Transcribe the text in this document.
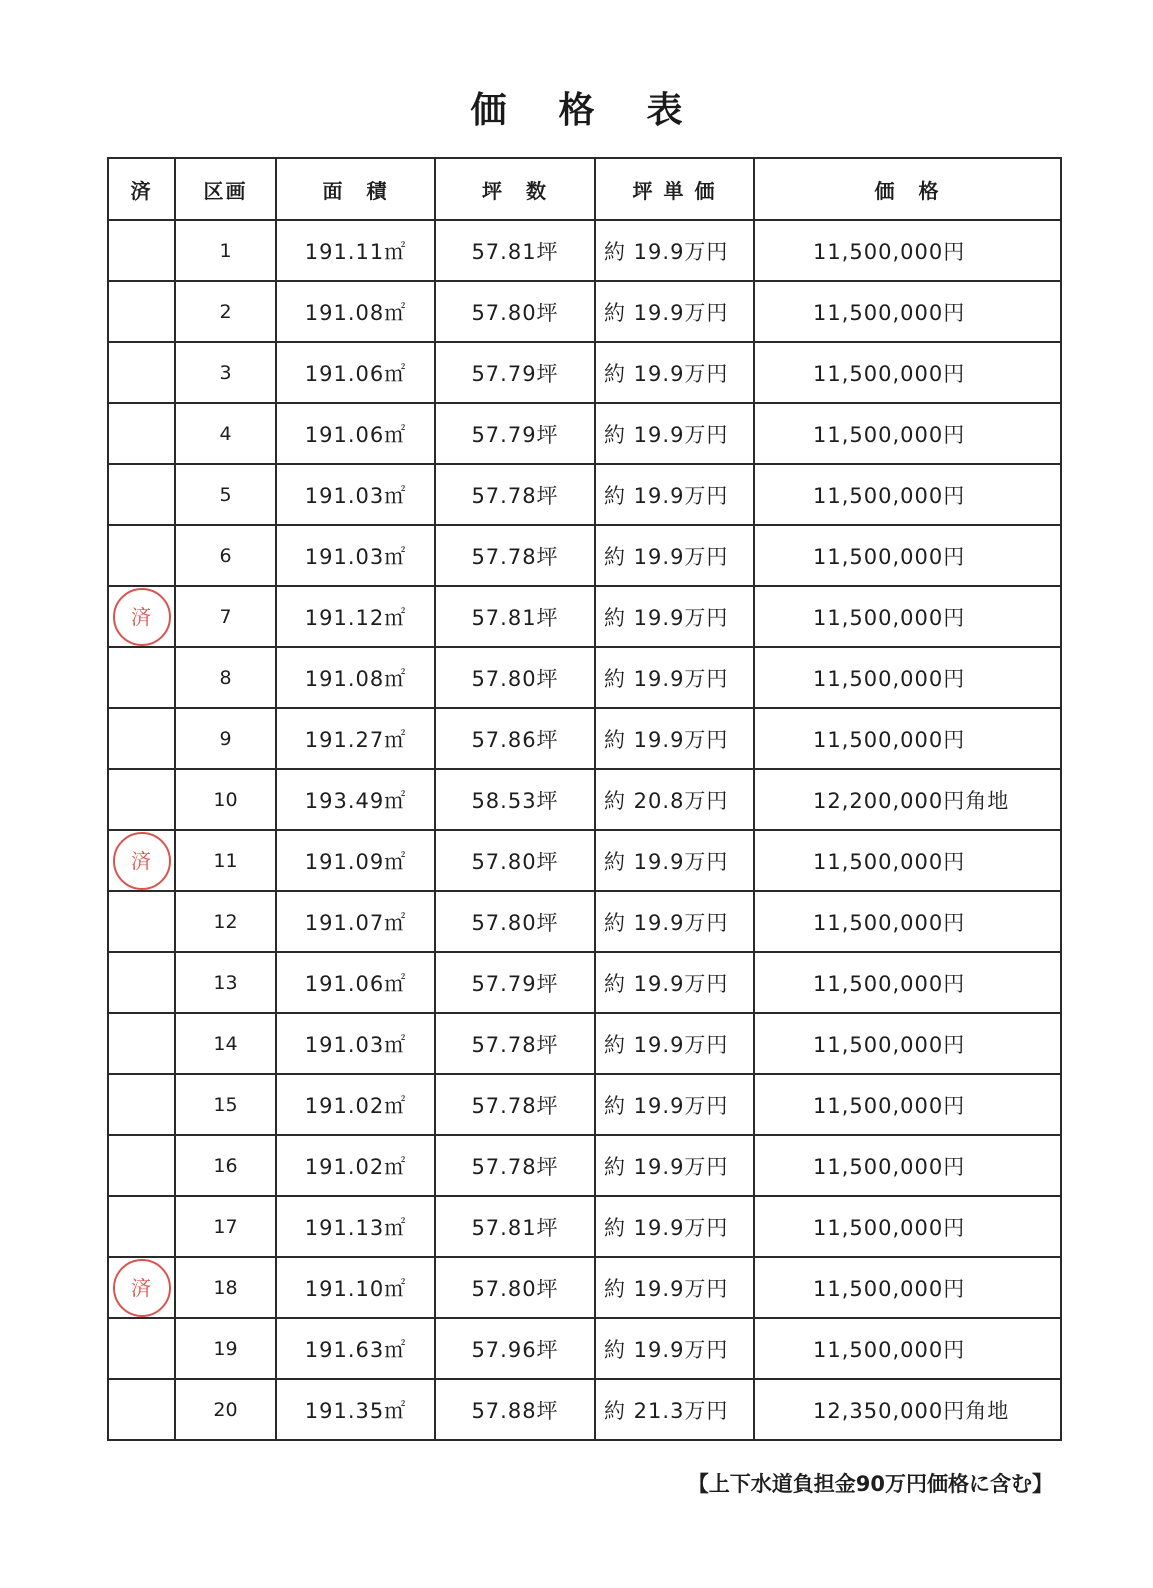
価 格 表
済	区画	面　積	坪　数	坪 単 価	価　格
	1	191.11㎡	57.81坪	約 19.9万円	11,500,000円
	2	191.08㎡	57.80坪	約 19.9万円	11,500,000円
	3	191.06㎡	57.79坪	約 19.9万円	11,500,000円
	4	191.06㎡	57.79坪	約 19.9万円	11,500,000円
	5	191.03㎡	57.78坪	約 19.9万円	11,500,000円
	6	191.03㎡	57.78坪	約 19.9万円	11,500,000円
済	7	191.12㎡	57.81坪	約 19.9万円	11,500,000円
	8	191.08㎡	57.80坪	約 19.9万円	11,500,000円
	9	191.27㎡	57.86坪	約 19.9万円	11,500,000円
	10	193.49㎡	58.53坪	約 20.8万円	12,200,000円角地
済	11	191.09㎡	57.80坪	約 19.9万円	11,500,000円
	12	191.07㎡	57.80坪	約 19.9万円	11,500,000円
	13	191.06㎡	57.79坪	約 19.9万円	11,500,000円
	14	191.03㎡	57.78坪	約 19.9万円	11,500,000円
	15	191.02㎡	57.78坪	約 19.9万円	11,500,000円
	16	191.02㎡	57.78坪	約 19.9万円	11,500,000円
	17	191.13㎡	57.81坪	約 19.9万円	11,500,000円
済	18	191.10㎡	57.80坪	約 19.9万円	11,500,000円
	19	191.63㎡	57.96坪	約 19.9万円	11,500,000円
	20	191.35㎡	57.88坪	約 21.3万円	12,350,000円角地
【上下水道負担金90万円価格に含む】
